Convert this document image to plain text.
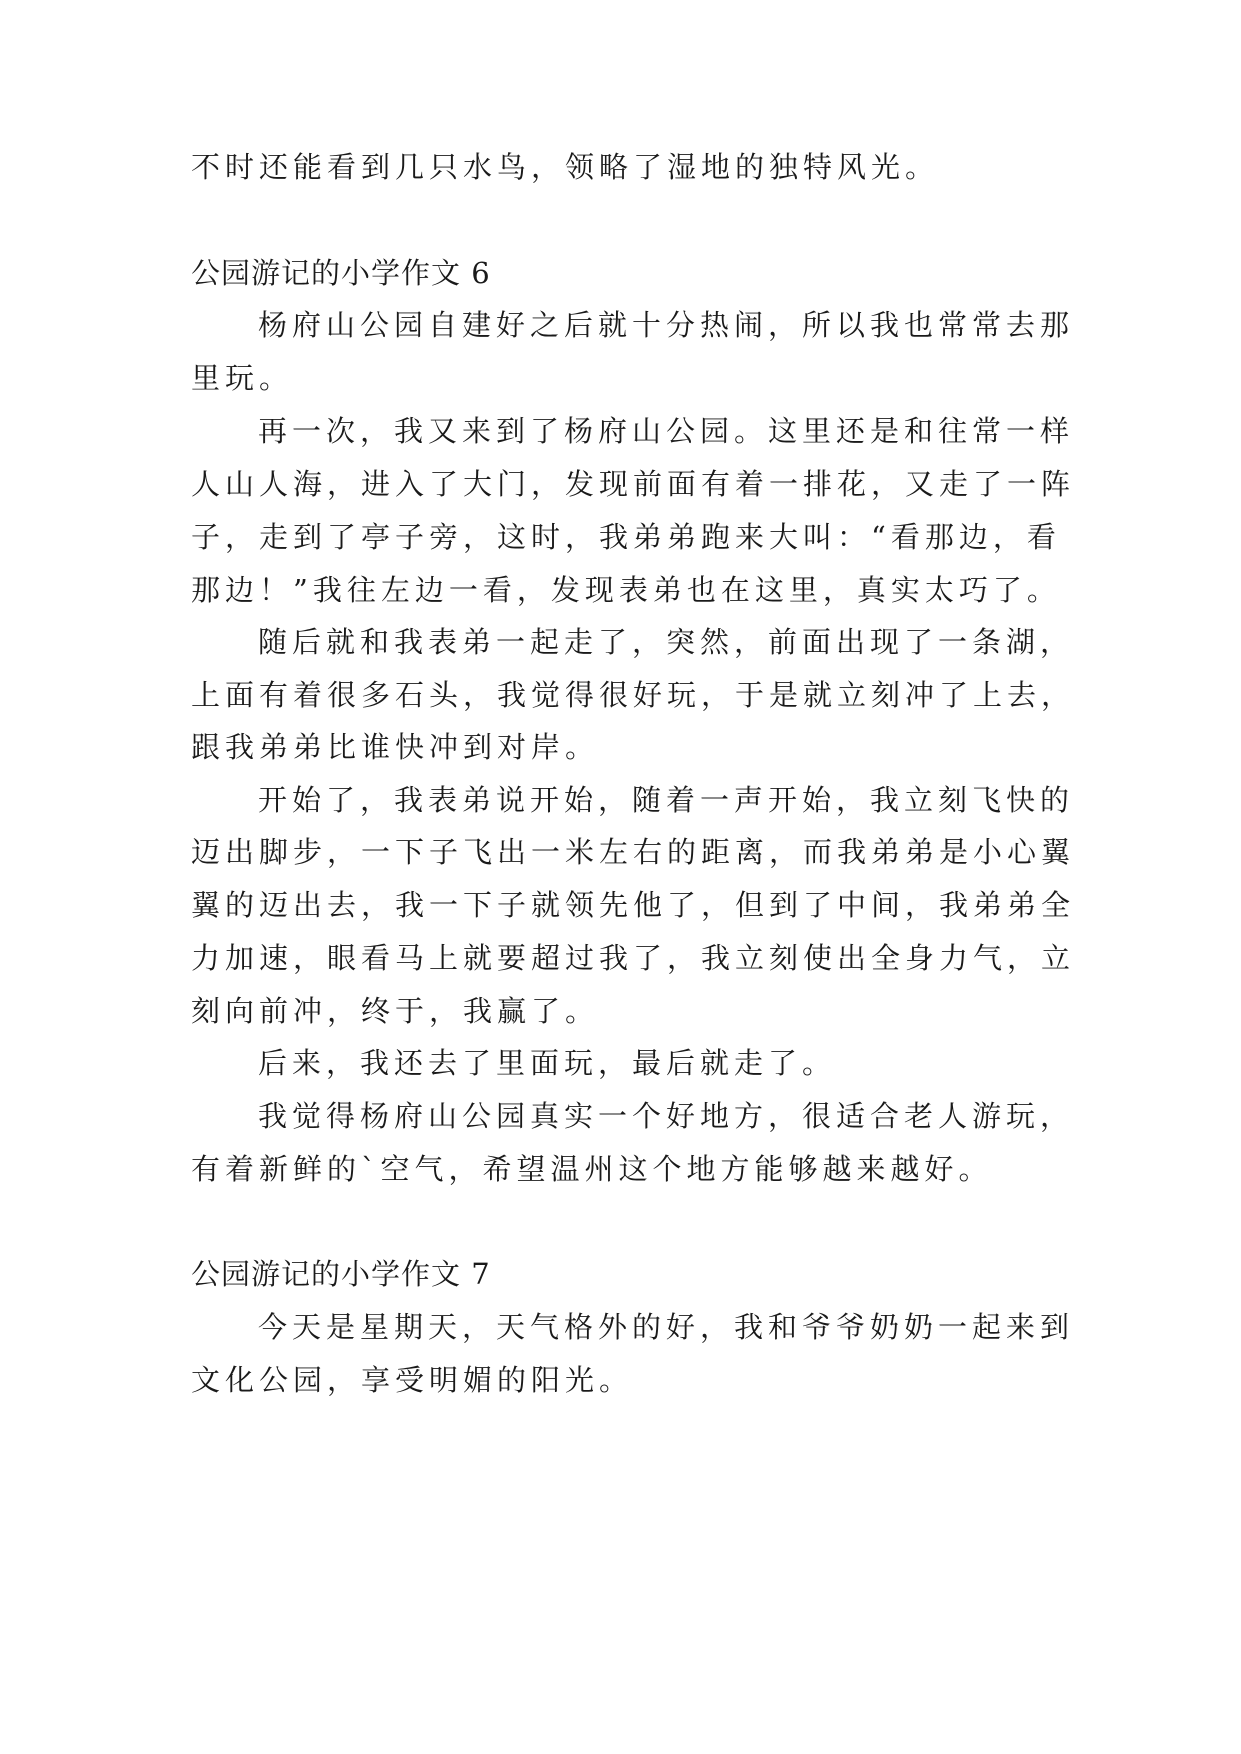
不时还能看到几只水鸟，领略了湿地的独特风光。
公园游记的小学作文 6
杨府山公园自建好之后就十分热闹，所以我也常常去那
里玩。
再一次，我又来到了杨府山公园。这里还是和往常一样
人山人海，进入了大门，发现前面有着一排花，又走了一阵
子，走到了亭子旁，这时，我弟弟跑来大叫：“看那边，看
那边！”我往左边一看，发现表弟也在这里，真实太巧了。
随后就和我表弟一起走了，突然，前面出现了一条湖，
上面有着很多石头，我觉得很好玩，于是就立刻冲了上去，
跟我弟弟比谁快冲到对岸。
开始了，我表弟说开始，随着一声开始，我立刻飞快的
迈出脚步，一下子飞出一米左右的距离，而我弟弟是小心翼
翼的迈出去，我一下子就领先他了，但到了中间，我弟弟全
力加速，眼看马上就要超过我了，我立刻使出全身力气，立
刻向前冲，终于，我赢了。
后来，我还去了里面玩，最后就走了。
我觉得杨府山公园真实一个好地方，很适合老人游玩，
有着新鲜的`空气，希望温州这个地方能够越来越好。
公园游记的小学作文 7
今天是星期天，天气格外的好，我和爷爷奶奶一起来到
文化公园，享受明媚的阳光。
